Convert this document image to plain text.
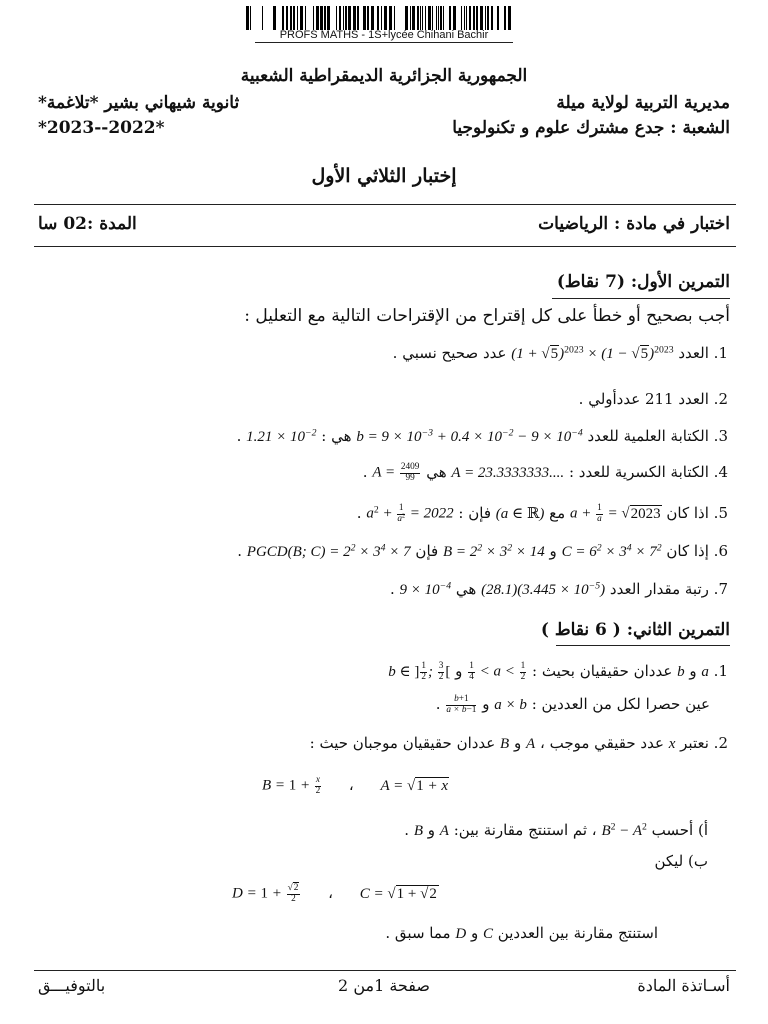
PROFS MATHS - 1S+lycée Chihani Bachir
الجمهورية الجزائرية الديمقراطية الشعبية
مديرية التربية لولاية ميلة
ثانوية شيهاني بشير *تلاغمة*
الشعبة : جدع مشترك علوم و تكنولوجيا
*2023--2022*
إختبار الثلاثي الأول
اختبار في مادة : الرياضيات
المدة :02 سا
التمرين الأول: (7 نقاط)
أجب بصحيح أو خطأ على كل إقتراح من الإقتراحات التالية مع التعليل :
1. العدد $(1 + √5)^{2023} \times (1 - √5)^{2023}$ عدد صحيح نسبي .
2. العدد 211 عددأولي .
3. الكتابة العلمية للعدد $b = 9 \times 10^{-3} + 0.4 \times 10^{-2} - 9 \times 10^{-4}$ هي : $1.21 \times 10^{-2}$ .
4. الكتابة الكسرية للعدد : A = 23.3333333.... هي $A = \frac{2409}{99}$
.
5. اذا كان $a + \frac{1}{a} = √2023$ مع (a ∈ ℝ) فإن : $a^2 + \frac{1}{a^2} = 2022$ .
6. إذا كان $C = 6^2 \times 3^4 \times 7^2$ و $B = 2^2 \times 3^2 \times 14$ فإن PGCD(B; $C) = 2^2 \times 3^4 \times 7$ .
7. رتبة مقدار العدد $(28.1)(3.445 \times 10^{-5})$ هي $9 \times 10^{-4}$ .
التمرين الثاني: ( 6 نقاط )
1. a و b عددان حقيقيان بحيث :
$\frac{1}{4} < a < \frac{1}{2}$
و b ∈ ] $\frac{1}{2}$ ; $\frac{3}{2}$ [
عين حصرا لكل من العددين : a × b و
$\frac{b+1}{a \times b-1}$
.
2. نعتبر x عدد حقيقي موجب ، A و B عددان حقيقيان موجبان حيث :
$B = 1 + \frac{x}{2}$ ، A = √1 + x
أ) أحسب $B^2 - A^2$ ، ثم استنتج مقارنة بين: A و B .
ب) ليكن
$D = 1 + \frac{√2}{2}$ ، C = √1 + √2
استنتج مقارنة بين العددين C و D مما سبق .
أسـاتذة المادة
صفحة 1من 2
بالتوفيـــق
